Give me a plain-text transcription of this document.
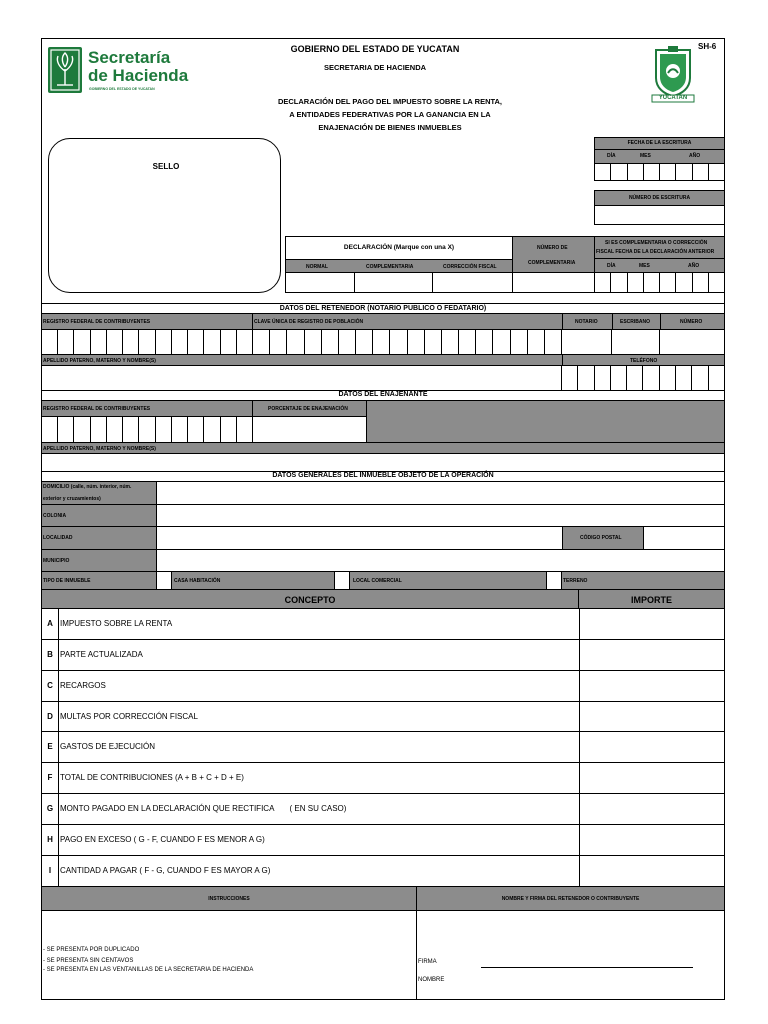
Secretaría
de Hacienda
GOBIERNO DEL ESTADO DE YUCATAN
GOBIERNO DEL ESTADO DE YUCATAN
SECRETARIA DE HACIENDA
DECLARACIÓN DEL PAGO DEL IMPUESTO SOBRE LA RENTA,
A ENTIDADES FEDERATIVAS POR LA GANANCIA EN LA
ENAJENACIÓN DE BIENES INMUEBLES
YUCATAN
SH-6
SELLO
FECHA DE LA ESCRITURA
DÍA	MES	AÑO
NÚMERO DE ESCRITURA
DECLARACIÓN (Marque con una X)
NORMAL	COMPLEMENTARIA	CORRECCIÓN FISCAL
NÚMERO DE
COMPLEMENTARIA
SI ES COMPLEMENTARIA O CORRECCIÓN
FISCAL FECHA DE LA DECLARACIÓN ANTERIOR
DÍA	MES	AÑO
DATOS DEL RETENEDOR (NOTARIO PUBLICO O FEDATARIO)
REGISTRO FEDERAL DE CONTRIBUYENTES	CLAVE ÚNICA DE REGISTRO DE POBLACIÓN	NOTARIO	ESCRIBANO	NÚMERO
APELLIDO PATERNO, MATERNO Y NOMBRE(S)	TELÉFONO
DATOS DEL ENAJENANTE
REGISTRO FEDERAL DE CONTRIBUYENTES	PORCENTAJE DE ENAJENACIÓN
APELLIDO PATERNO, MATERNO Y NOMBRE(S)
DATOS GENERALES DEL INMUEBLE OBJETO DE LA OPERACIÓN
DOMICILIO (calle, núm. interior, núm.
exterior y cruzamientos)
COLONIA
LOCALIDAD	CÓDIGO POSTAL
MUNICIPIO
TIPO DE INMUEBLE	CASA HABITACIÓN	LOCAL COMERCIAL	TERRENO
CONCEPTO	IMPORTE
A IMPUESTO SOBRE LA RENTA
B PARTE ACTUALIZADA
C RECARGOS
D MULTAS POR CORRECCIÓN FISCAL
E GASTOS DE EJECUCIÓN
F TOTAL DE CONTRIBUCIONES (A + B + C + D + E)
G MONTO PAGADO EN LA DECLARACIÓN QUE RECTIFICA       ( EN SU CASO)
H PAGO EN EXCESO ( G - F, CUANDO F ES MENOR A G)
I	CANTIDAD A PAGAR ( F - G, CUANDO F ES MAYOR A G)
INSTRUCCIONES	NOMBRE Y FIRMA DEL RETENEDOR O CONTRIBUYENTE
- SE PRESENTA POR DUPLICADO
- SE PRESENTA SIN CENTAVOS
- SE PRESENTA EN LAS VENTANILLAS DE LA SECRETARIA DE HACIENDA
FIRMA
NOMBRE
